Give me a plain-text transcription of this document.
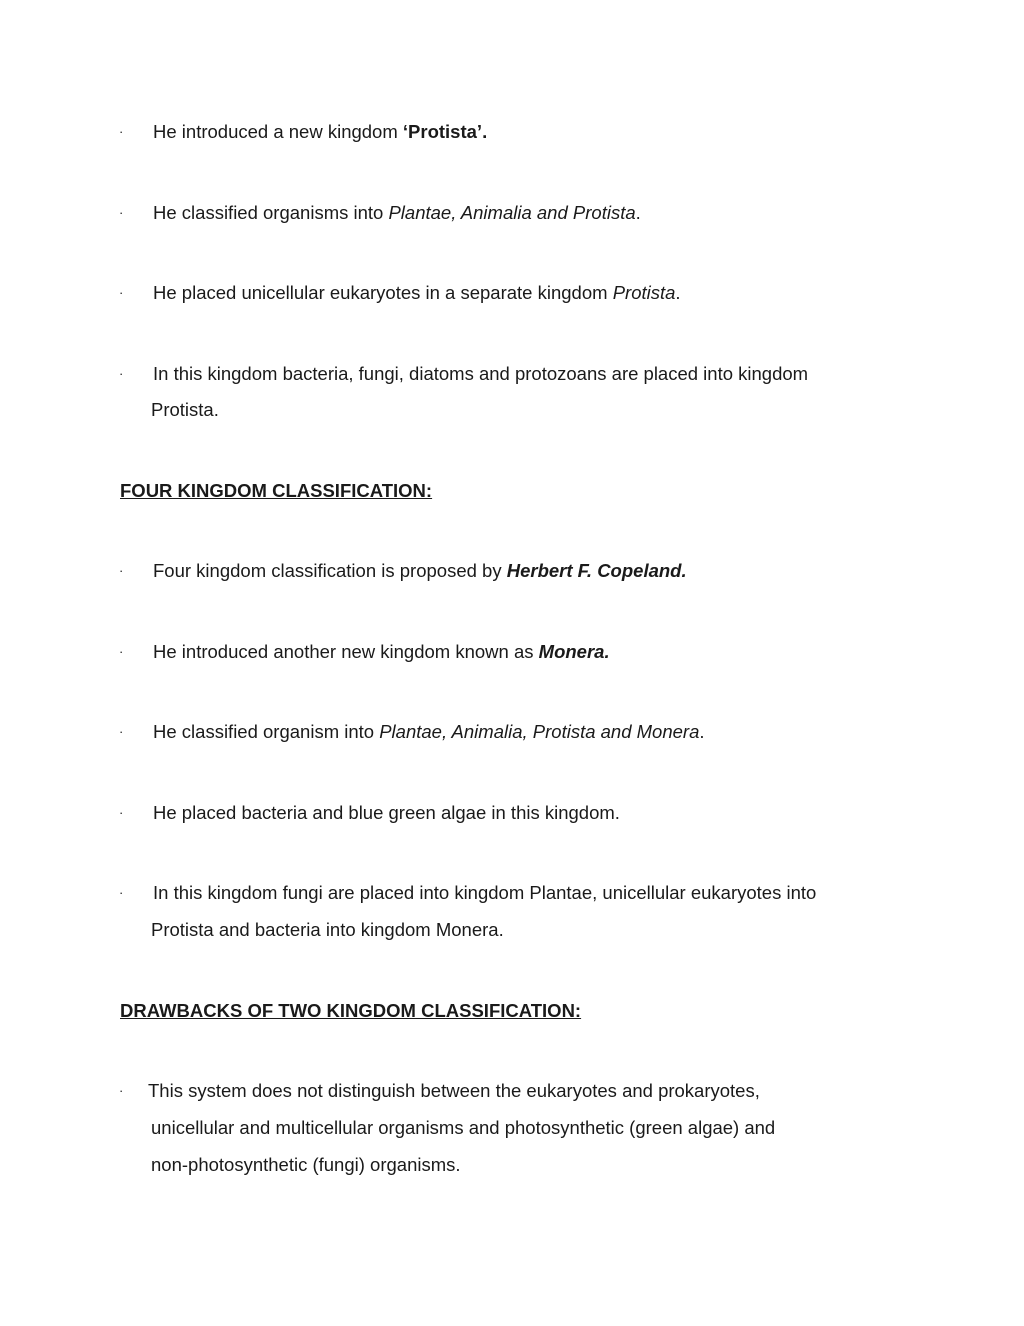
· He introduced a new kingdom ‘Protista’.
· He classified organisms into Plantae, Animalia and Protista.
· He placed unicellular eukaryotes in a separate kingdom Protista.
· In this kingdom bacteria, fungi, diatoms and protozoans are placed into kingdom
Protista.
FOUR KINGDOM CLASSIFICATION:
· Four kingdom classification is proposed by Herbert F. Copeland.
· He introduced another new kingdom known as Monera.
· He classified organism into Plantae, Animalia, Protista and Monera.
· He placed bacteria and blue green algae in this kingdom.
· In this kingdom fungi are placed into kingdom Plantae, unicellular eukaryotes into
Protista and bacteria into kingdom Monera.
DRAWBACKS OF TWO KINGDOM CLASSIFICATION:
· This system does not distinguish between the eukaryotes and prokaryotes,
unicellular and multicellular organisms and photosynthetic (green algae) and
non-photosynthetic (fungi) organisms.
